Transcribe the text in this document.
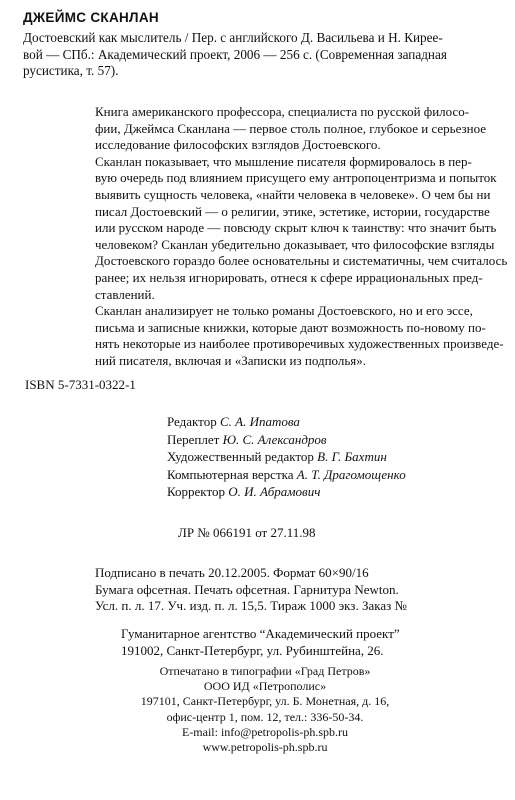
ДЖЕЙМС СКАНЛАН
Достоевский как мыслитель / Пер. с английского Д. Васильева и Н. Кирее-
вой — СПб.: Академический проект, 2006 — 256 с. (Современная западная
русистика, т. 57).
Книга американского профессора, специалиста по русской филосо-
фии, Джеймса Сканлана — первое столь полное, глубокое и серьезное
исследование философских взглядов Достоевского.
Сканлан показывает, что мышление писателя формировалось в пер-
вую очередь под влиянием присущего ему антропоцентризма и попыток
выявить сущность человека, «найти человека в человеке». О чем бы ни
писал Достоевский — о религии, этике, эстетике, истории, государстве
или русском народе — повсюду скрыт ключ к таинству: что значит быть
человеком? Сканлан убедительно доказывает, что философские взгляды
Достоевского гораздо более основательны и систематичны, чем считалось
ранее; их нельзя игнорировать, отнеся к сфере иррациональных пред-
ставлений.
Сканлан анализирует не только романы Достоевского, но и его эссе,
письма и записные книжки, которые дают возможность по-новому по-
нять некоторые из наиболее противоречивых художественных произведе-
ний писателя, включая и «Записки из подполья».
ISBN 5-7331-0322-1
Редактор С. А. Ипатова
Переплет Ю. С. Александров
Художественный редактор В. Г. Бахтин
Компьютерная верстка А. Т. Драгомощенко
Корректор О. И. Абрамович
ЛР № 066191 от 27.11.98
Подписано в печать 20.12.2005. Формат 60×90/16
Бумага офсетная. Печать офсетная. Гарнитура Newton.
Усл. п. л. 17. Уч. изд. п. л. 15,5. Тираж 1000 экз. Заказ №
Гуманитарное агентство “Академический проект”
191002, Санкт-Петербург, ул. Рубинштейна, 26.
Отпечатано в типографии «Град Петров»
ООО ИД «Петрополис»
197101, Санкт-Петербург, ул. Б. Монетная, д. 16,
офис-центр 1, пом. 12, тел.: 336-50-34.
E-mail: info@petropolis-ph.spb.ru
www.petropolis-ph.spb.ru
